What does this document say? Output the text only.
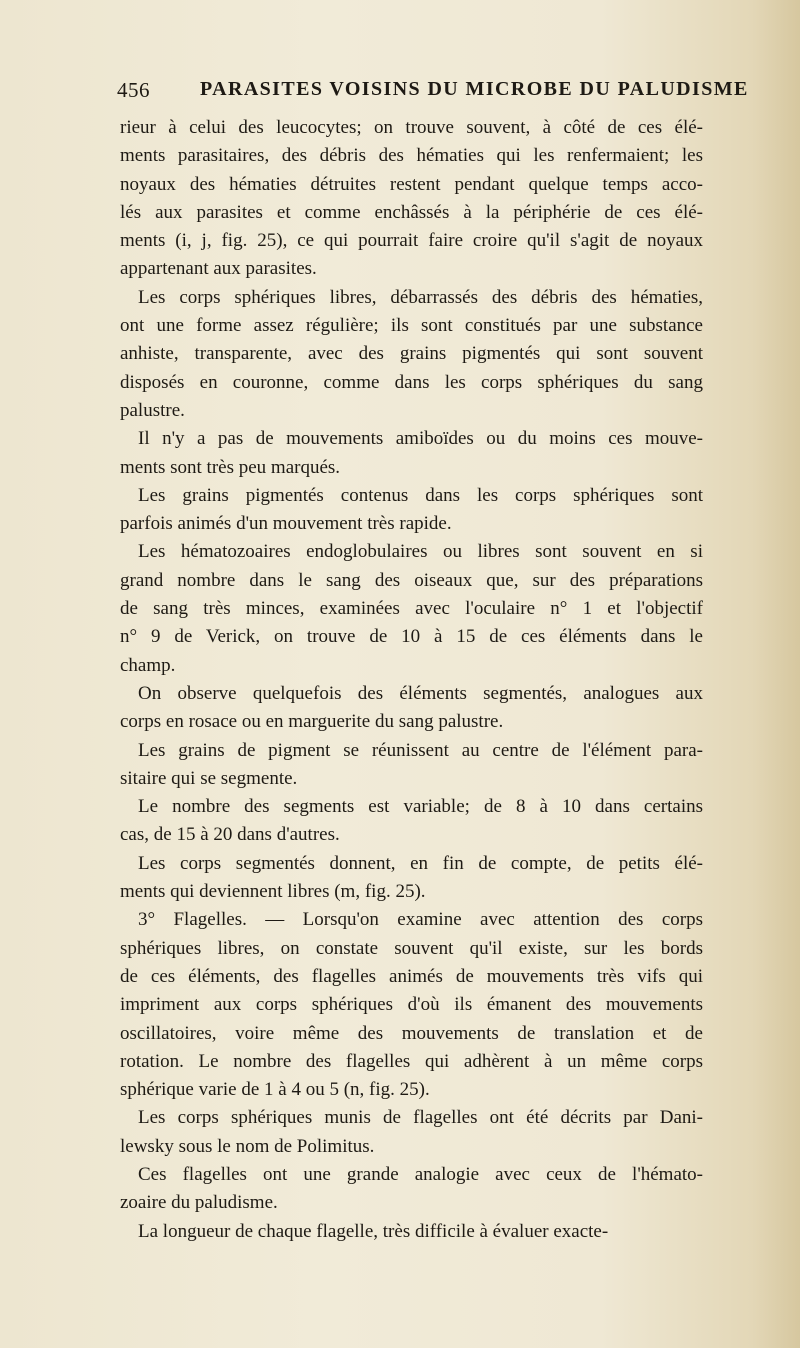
456	PARASITES VOISINS DU MICROBE DU PALUDISME

rieur à celui des leucocytes; on trouve souvent, à côté de ces élé-
ments parasitaires, des débris des hématies qui les renfermaient; les
noyaux des hématies détruites restent pendant quelque temps acco-
lés aux parasites et comme enchâssés à la périphérie de ces élé-
ments (i, j, fig. 25), ce qui pourrait faire croire qu'il s'agit de noyaux
appartenant aux parasites.

Les corps sphériques libres, débarrassés des débris des hématies,
ont une forme assez régulière; ils sont constitués par une substance
anhiste, transparente, avec des grains pigmentés qui sont souvent
disposés en couronne, comme dans les corps sphériques du sang
palustre.

Il n'y a pas de mouvements amiboïdes ou du moins ces mouve-
ments sont très peu marqués.

Les grains pigmentés contenus dans les corps sphériques sont
parfois animés d'un mouvement très rapide.

Les hématozoaires endoglobulaires ou libres sont souvent en si
grand nombre dans le sang des oiseaux que, sur des préparations
de sang très minces, examinées avec l'oculaire n° 1 et l'objectif
n° 9 de Verick, on trouve de 10 à 15 de ces éléments dans le
champ.

On observe quelquefois des éléments segmentés, analogues aux
corps en rosace ou en marguerite du sang palustre.

Les grains de pigment se réunissent au centre de l'élément para-
sitaire qui se segmente.

Le nombre des segments est variable; de 8 à 10 dans certains
cas, de 15 à 20 dans d'autres.

Les corps segmentés donnent, en fin de compte, de petits élé-
ments qui deviennent libres (m, fig. 25).

3° Flagelles. — Lorsqu'on examine avec attention des corps
sphériques libres, on constate souvent qu'il existe, sur les bords
de ces éléments, des flagelles animés de mouvements très vifs qui
impriment aux corps sphériques d'où ils émanent des mouvements
oscillatoires, voire même des mouvements de translation et de
rotation. Le nombre des flagelles qui adhèrent à un même corps
sphérique varie de 1 à 4 ou 5 (n, fig. 25).

Les corps sphériques munis de flagelles ont été décrits par Dani-
lewsky sous le nom de Polimitus.

Ces flagelles ont une grande analogie avec ceux de l'hémato-
zoaire du paludisme.

La longueur de chaque flagelle, très difficile à évaluer exacte-
